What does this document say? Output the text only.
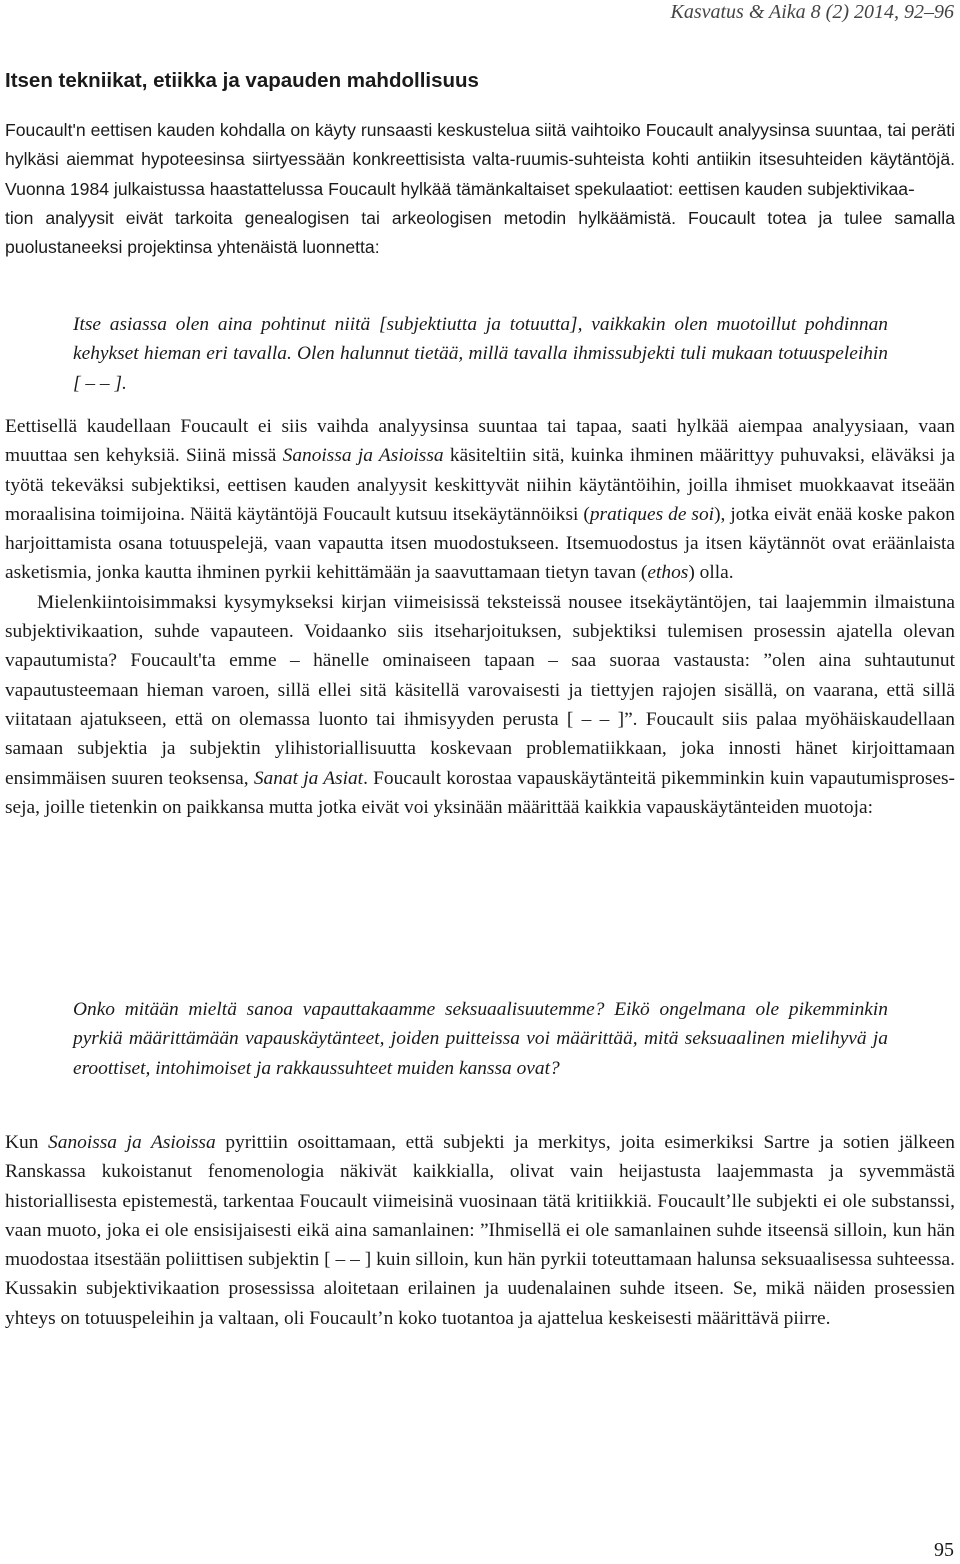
Kasvatus & Aika 8 (2) 2014, 92–96
Itsen tekniikat, etiikka ja vapauden mahdollisuus

Foucault'n eettisen kauden kohdalla on käyty runsaasti keskustelua siitä vaihtoiko Foucault analyysinsa suuntaa, tai peräti hylkäsi aiemmat hypoteesinsa siirtyessään konkreettisista valta-ruumis-suhteista kohti antiikin itsesuhteiden käytäntöjä. Vuonna 1984 julkaistussa haastattelussa Foucault hylkää tämänkaltaiset spekulaatiot: eettisen kauden subjektivikaa-
tion analyysit eivät tarkoita genealogisen tai arkeologisen metodin hylkäämistä. Foucault totea ja tulee samalla puolustaneeksi projektinsa yhtenäistä luonnetta:

Itse asiassa olen aina pohtinut niitä [subjektiutta ja totuutta], vaikkakin olen muotoillut pohdinnan kehykset hieman eri tavalla. Olen halunnut tietää, millä tavalla ihmissubjekti tuli mukaan totuuspeleihin [ – – ].

Eettisellä kaudellaan Foucault ei siis vaihda analyysinsa suuntaa tai tapaa, saati hylkää aiempaa analyysiaan, vaan muuttaa sen kehyksiä. Siinä missä Sanoissa ja Asioissa käsiteltiin sitä, kuinka ihminen määrittyy puhuvaksi, eläväksi ja työtä tekeväksi subjektiksi, eettisen kauden analyysit keskittyvät niihin käytäntöihin, joilla ihmiset muokkaavat itseään moraalisina toimijoina. Näitä käytäntöjä Foucault kutsuu itsekäytännöiksi (pratiques de soi), jotka eivät enää koske pakon harjoittamista osana totuuspelejä, vaan vapautta itsen muodostukseen. Itsemuodostus ja itsen käytännöt ovat eräänlaista asketismia, jonka kautta ihminen pyrkii kehittämään ja saavuttamaan tietyn tavan (ethos) olla.
Mielenkiintoisimmaksi kysymykseksi kirjan viimeisissä teksteissä nousee itsekäytäntöjen, tai laajemmin ilmaistuna subjektivikaation, suhde vapauteen. Voidaanko siis itseharjoituksen, subjektiksi tulemisen prosessin ajatella olevan vapautumista? Foucault'ta emme – hänelle ominaiseen tapaan – saa suoraa vastausta: ”olen aina suhtautunut vapautusteemaan hieman varoen, sillä ellei sitä käsitellä varovaisesti ja tiettyjen rajojen sisällä, on vaarana, että sillä viitataan ajatukseen, että on olemassa luonto tai ihmisyyden perusta [ – – ]”. Foucault siis palaa myöhäiskaudellaan samaan subjektia ja subjektin ylihistoriallisuutta koskevaan problematiikkaan, joka innosti hänet kirjoittamaan ensimmäisen suuren teoksensa, Sanat ja Asiat. Foucault korostaa vapauskäytänteitä pikemminkin kuin vapautumisprosesseja, joille tietenkin on paikkansa mutta jotka eivät voi yksinään määrittää kaikkia vapauskäytänteiden muotoja:

Onko mitään mieltä sanoa vapauttakaamme seksuaalisuutemme? Eikö ongelmana ole pikemminkin pyrkiä määrittämään vapauskäytänteet, joiden puitteissa voi määrittää, mitä seksuaalinen mielihyvä ja eroottiset, intohimoiset ja rakkaussuhteet muiden kanssa ovat?

Kun Sanoissa ja Asioissa pyrittiin osoittamaan, että subjekti ja merkitys, joita esimerkiksi Sartre ja sotien jälkeen Ranskassa kukoistanut fenomenologia näkivät kaikkialla, olivat vain heijastusta laajemmasta ja syvemmästä historiallisesta epistemestä, tarkentaa Foucault viimeisinä vuosinaan tätä kritiikkiä. Foucault’lle subjekti ei ole substanssi, vaan muoto, joka ei ole ensisijaisesti eikä aina samanlainen: ”Ihmisellä ei ole samanlainen suhde itseensä silloin, kun hän muodostaa itsestään poliittisen subjektin [ – – ] kuin silloin, kun hän pyrkii toteuttamaan halunsa seksuaalisessa suhteessa. Kussakin subjektivikaation prosessissa aloitetaan erilainen ja uudenalainen suhde itseen. Se, mikä näiden prosessien yhteys on totuuspeleihin ja valtaan, oli Foucault’n koko tuotantoa ja ajattelua keskeisesti määrittävä piirre.

95
